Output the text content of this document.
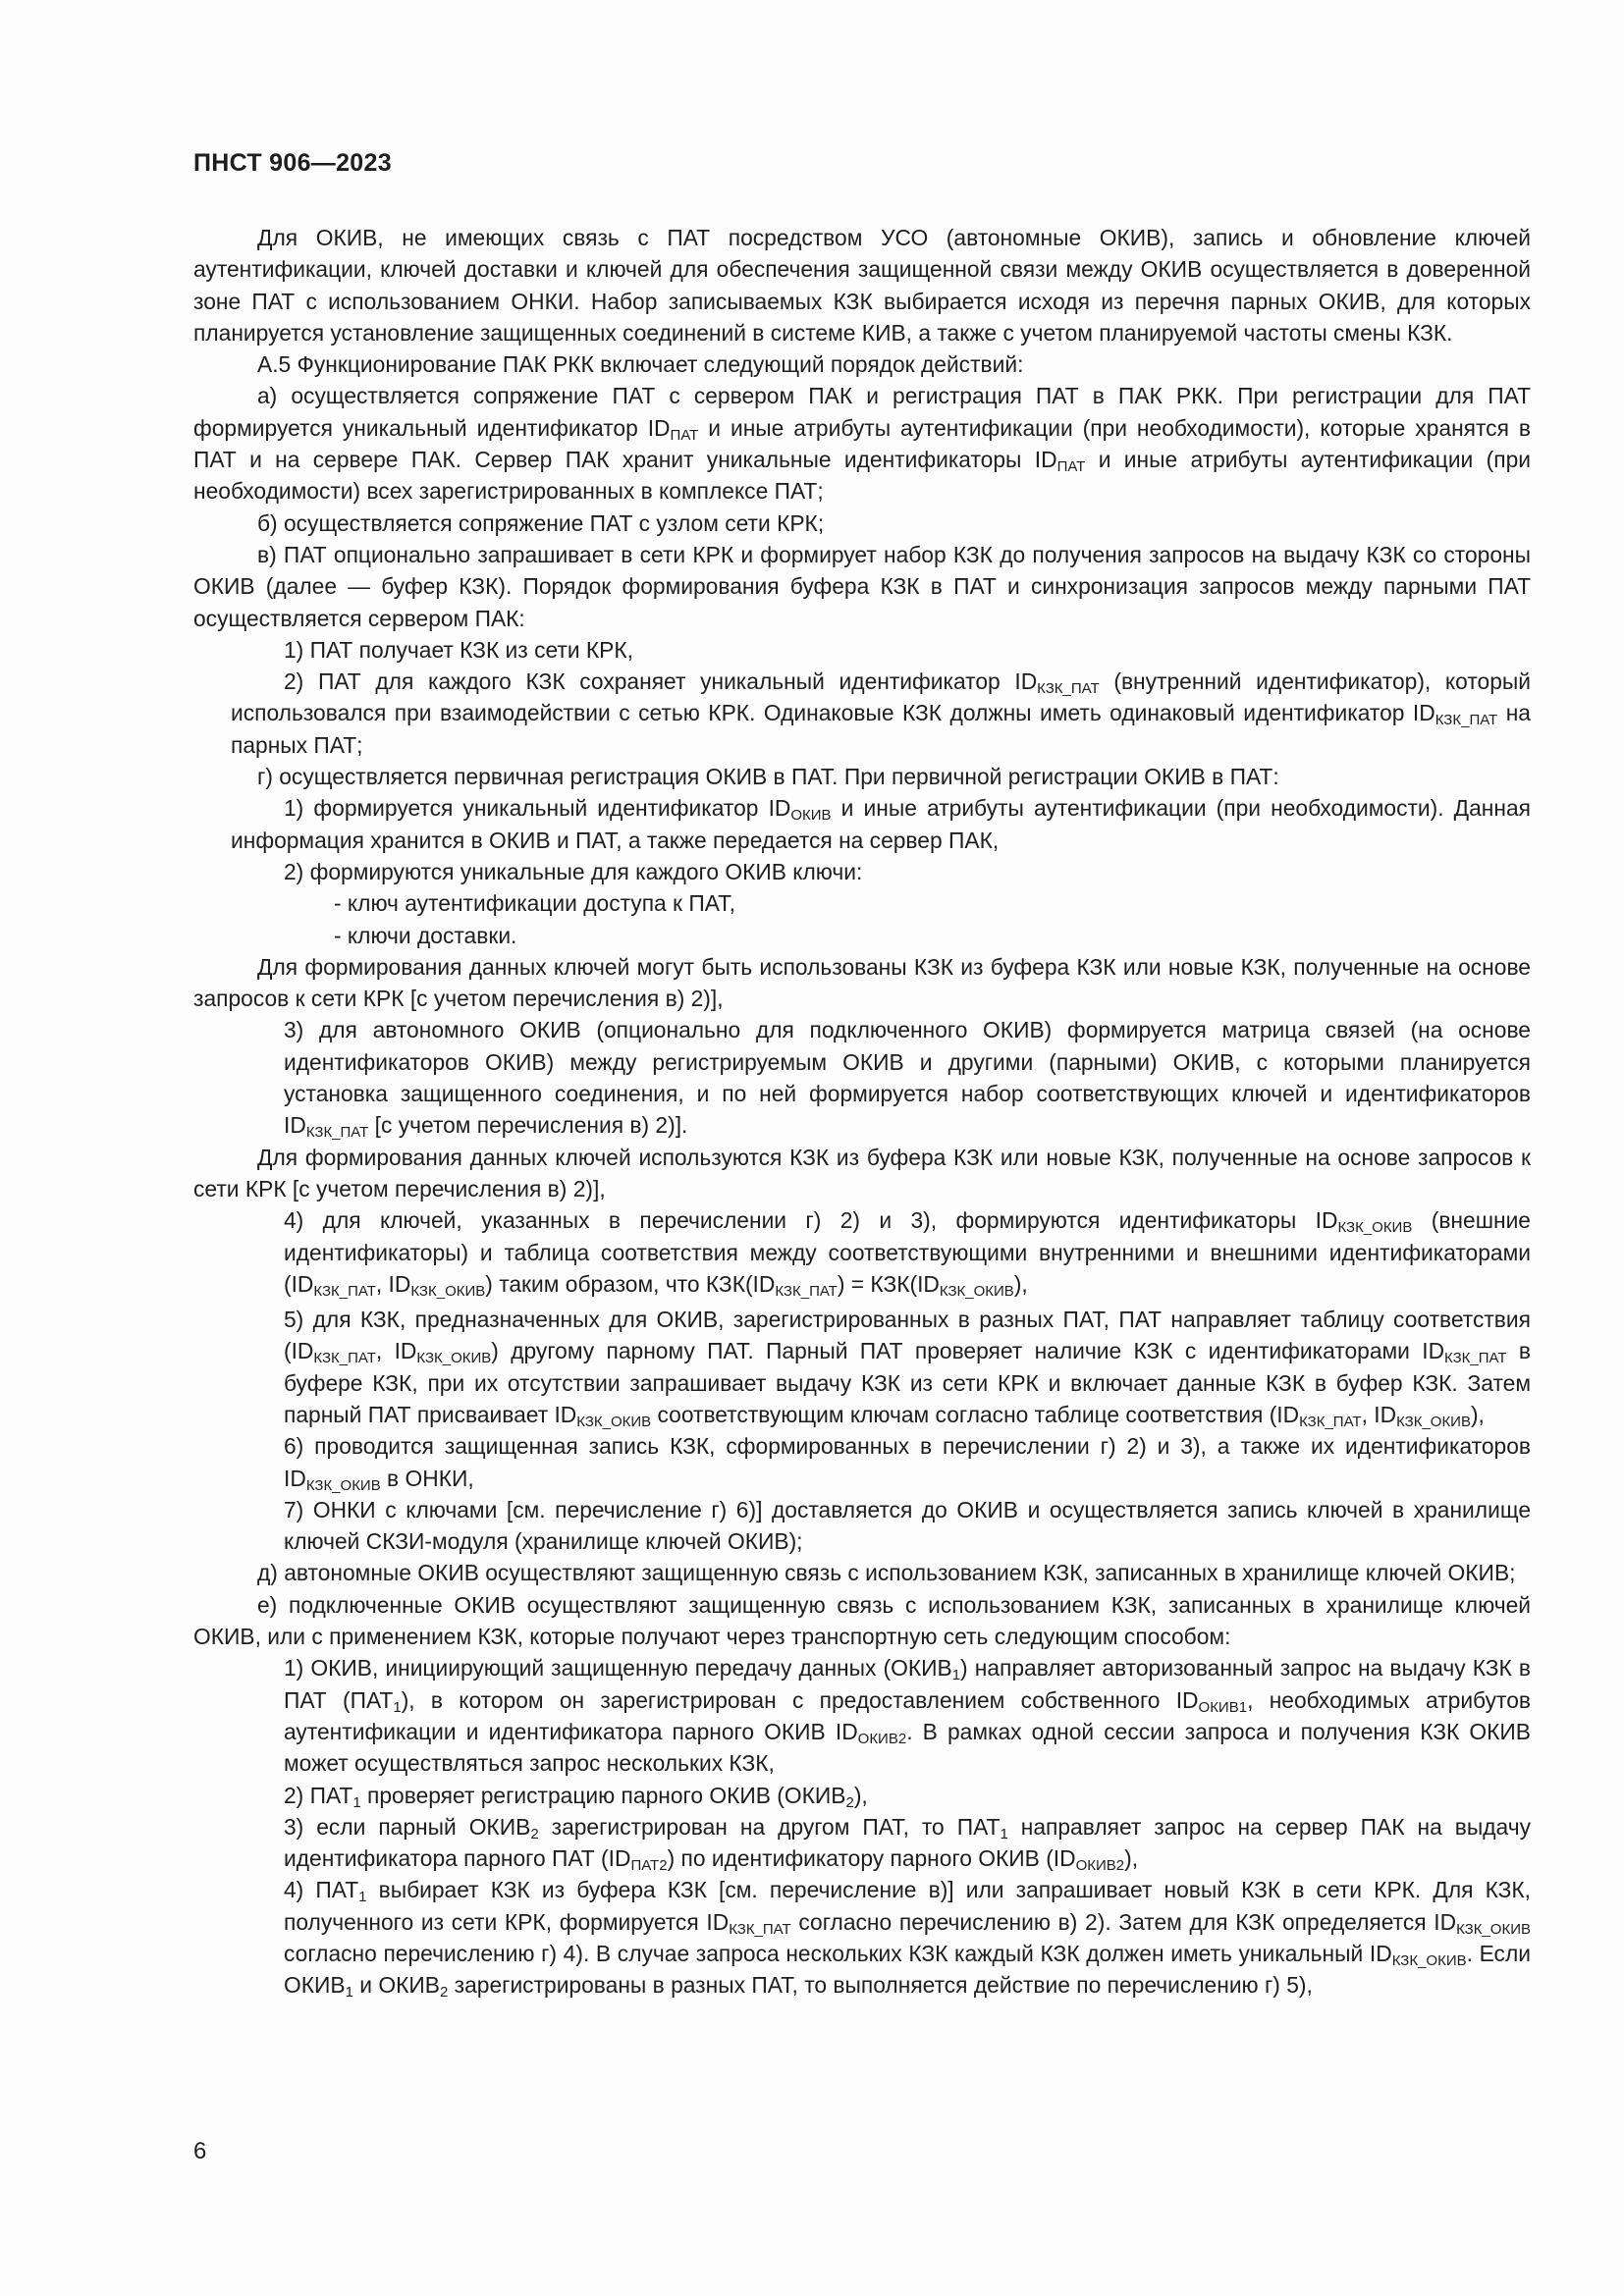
ПНСТ 906—2023

Для ОКИВ, не имеющих связь с ПАТ посредством УСО (автономные ОКИВ), запись и обновление ключей аутентификации, ключей доставки и ключей для обеспечения защищенной связи между ОКИВ осуществляется в доверенной зоне ПАТ с использованием ОНКИ. Набор записываемых КЗК выбирается исходя из перечня парных ОКИВ, для которых планируется установление защищенных соединений в системе КИВ, а также с учетом планируемой частоты смены КЗК.

А.5 Функционирование ПАК РКК включает следующий порядок действий:

а) осуществляется сопряжение ПАТ с сервером ПАК и регистрация ПАТ в ПАК РКК. При регистрации для ПАТ формируется уникальный идентификатор $ID_{ПАТ}$ и иные атрибуты аутентификации (при необходимости), которые хранятся в ПАТ и на сервере ПАК. Сервер ПАК хранит уникальные идентификаторы $ID_{ПАТ}$ и иные атрибуты аутентификации (при необходимости) всех зарегистрированных в комплексе ПАТ;

б) осуществляется сопряжение ПАТ с узлом сети КРК;

в) ПАТ опционально запрашивает в сети КРК и формирует набор КЗК до получения запросов на выдачу КЗК со стороны ОКИВ (далее — буфер КЗК). Порядок формирования буфера КЗК в ПАТ и синхронизация запросов между парными ПАТ осуществляется сервером ПАК:

1) ПАТ получает КЗК из сети КРК,

2) ПАТ для каждого КЗК сохраняет уникальный идентификатор $ID_{КЗК\_ПАТ}$ (внутренний идентификатор), который использовался при взаимодействии с сетью КРК. Одинаковые КЗК должны иметь одинаковый идентификатор $ID_{КЗК\_ПАТ}$ на парных ПАТ;

г) осуществляется первичная регистрация ОКИВ в ПАТ. При первичной регистрации ОКИВ в ПАТ:

1) формируется уникальный идентификатор $ID_{ОКИВ}$ и иные атрибуты аутентификации (при необходимости). Данная информация хранится в ОКИВ и ПАТ, а также передается на сервер ПАК,

2) формируются уникальные для каждого ОКИВ ключи:

- ключ аутентификации доступа к ПАТ,

- ключи доставки.

Для формирования данных ключей могут быть использованы КЗК из буфера КЗК или новые КЗК, полученные на основе запросов к сети КРК [с учетом перечисления в) 2)],

3) для автономного ОКИВ (опционально для подключенного ОКИВ) формируется матрица связей (на основе идентификаторов ОКИВ) между регистрируемым ОКИВ и другими (парными) ОКИВ, с которыми планируется установка защищенного соединения, и по ней формируется набор соответствующих ключей и идентификаторов $ID_{КЗК\_ПАТ}$ [с учетом перечисления в) 2)].

Для формирования данных ключей используются КЗК из буфера КЗК или новые КЗК, полученные на основе запросов к сети КРК [с учетом перечисления в) 2)],

4) для ключей, указанных в перечислении г) 2) и 3), формируются идентификаторы $ID_{КЗК\_ОКИВ}$ (внешние идентификаторы) и таблица соответствия между соответствующими внутренними и внешними идентификаторами ($ID_{КЗК\_ПАТ}$, $ID_{КЗК\_ОКИВ}$) таким образом, что $КЗК(ID_{КЗК\_ПАТ}) = КЗК(ID_{КЗК\_ОКИВ})$,

5) для КЗК, предназначенных для ОКИВ, зарегистрированных в разных ПАТ, ПАТ направляет таблицу соответствия ($ID_{КЗК\_ПАТ}$, $ID_{КЗК\_ОКИВ}$) другому парному ПАТ. Парный ПАТ проверяет наличие КЗК с идентификаторами $ID_{КЗК\_ПАТ}$ в буфере КЗК, при их отсутствии запрашивает выдачу КЗК из сети КРК и включает данные КЗК в буфер КЗК. Затем парный ПАТ присваивает $ID_{КЗК\_ОКИВ}$ соответствующим ключам согласно таблице соответствия ($ID_{КЗК\_ПАТ}$, $ID_{КЗК\_ОКИВ}$),

6) проводится защищенная запись КЗК, сформированных в перечислении г) 2) и 3), а также их идентификаторов $ID_{КЗК\_ОКИВ}$ в ОНКИ,

7) ОНКИ с ключами [см. перечисление г) 6)] доставляется до ОКИВ и осуществляется запись ключей в хранилище ключей СКЗИ-модуля (хранилище ключей ОКИВ);

д) автономные ОКИВ осуществляют защищенную связь с использованием КЗК, записанных в хранилище ключей ОКИВ;

е) подключенные ОКИВ осуществляют защищенную связь с использованием КЗК, записанных в хранилище ключей ОКИВ, или с применением КЗК, которые получают через транспортную сеть следующим способом:

1) ОКИВ, инициирующий защищенную передачу данных $(ОКИВ_1)$ направляет авторизованный запрос на выдачу КЗК в ПАТ $(ПАТ_1)$, в котором он зарегистрирован с предоставлением собственного $ID_{ОКИВ1}$, необходимых атрибутов аутентификации и идентификатора парного ОКИВ $ID_{ОКИВ2}$. В рамках одной сессии запроса и получения КЗК ОКИВ может осуществляться запрос нескольких КЗК,

2) $ПАТ_1$ проверяет регистрацию парного ОКИВ $(ОКИВ_2)$,

3) если парный $ОКИВ_2$ зарегистрирован на другом ПАТ, то $ПАТ_1$ направляет запрос на сервер ПАК на выдачу идентификатора парного ПАТ $(ID_{ПАТ2})$ по идентификатору парного ОКИВ $(ID_{ОКИВ2})$,

4) $ПАТ_1$ выбирает КЗК из буфера КЗК [см. перечисление в)] или запрашивает новый КЗК в сети КРК. Для КЗК, полученного из сети КРК, формируется $ID_{КЗК\_ПАТ}$ согласно перечислению в) 2). Затем для КЗК определяется $ID_{КЗК\_ОКИВ}$ согласно перечислению г) 4). В случае запроса нескольких КЗК каждый КЗК должен иметь уникальный $ID_{КЗК\_ОКИВ}$. Если $ОКИВ_1$ и $ОКИВ_2$ зарегистрированы в разных ПАТ, то выполняется действие по перечислению г) 5),

6
